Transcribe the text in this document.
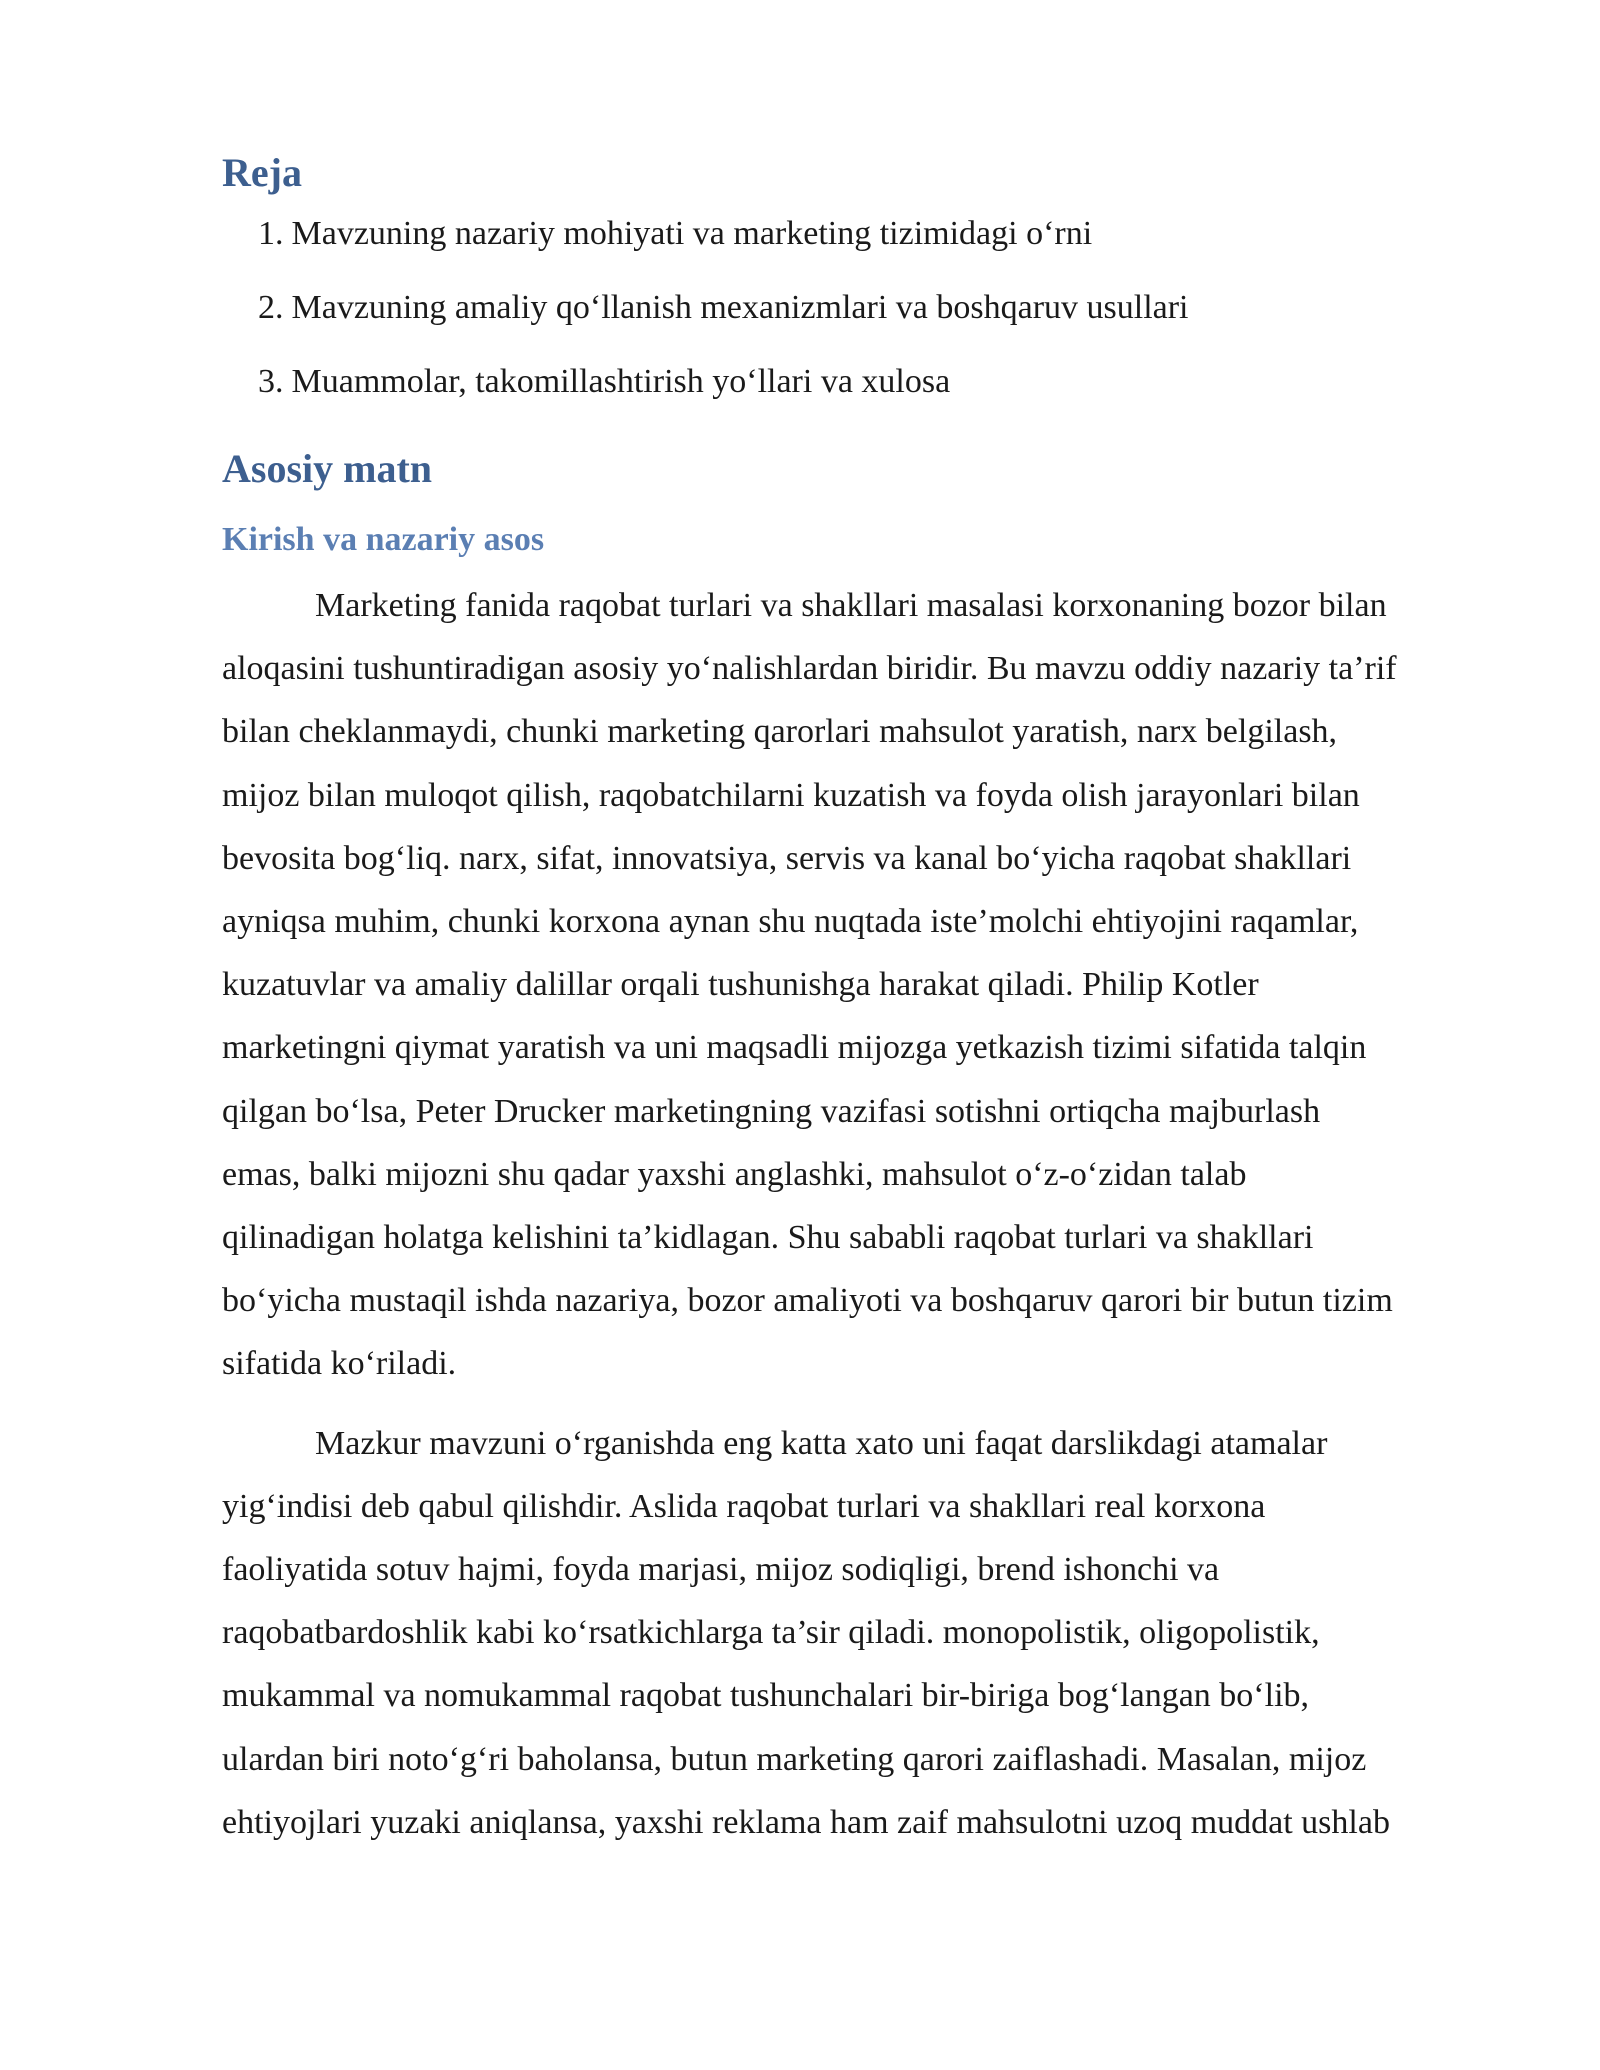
Reja
1. Mavzuning nazariy mohiyati va marketing tizimidagi o‘rni
2. Mavzuning amaliy qo‘llanish mexanizmlari va boshqaruv usullari
3. Muammolar, takomillashtirish yo‘llari va xulosa
Asosiy matn
Kirish va nazariy asos

Marketing fanida raqobat turlari va shakllari masalasi korxonaning bozor bilan
aloqasini tushuntiradigan asosiy yo‘nalishlardan biridir. Bu mavzu oddiy nazariy ta’rif
bilan cheklanmaydi, chunki marketing qarorlari mahsulot yaratish, narx belgilash,
mijoz bilan muloqot qilish, raqobatchilarni kuzatish va foyda olish jarayonlari bilan
bevosita bog‘liq. narx, sifat, innovatsiya, servis va kanal bo‘yicha raqobat shakllari
ayniqsa muhim, chunki korxona aynan shu nuqtada iste’molchi ehtiyojini raqamlar,
kuzatuvlar va amaliy dalillar orqali tushunishga harakat qiladi. Philip Kotler
marketingni qiymat yaratish va uni maqsadli mijozga yetkazish tizimi sifatida talqin
qilgan bo‘lsa, Peter Drucker marketingning vazifasi sotishni ortiqcha majburlash
emas, balki mijozni shu qadar yaxshi anglashki, mahsulot o‘z-o‘zidan talab
qilinadigan holatga kelishini ta’kidlagan. Shu sababli raqobat turlari va shakllari
bo‘yicha mustaqil ishda nazariya, bozor amaliyoti va boshqaruv qarori bir butun tizim
sifatida ko‘riladi.

Mazkur mavzuni o‘rganishda eng katta xato uni faqat darslikdagi atamalar
yig‘indisi deb qabul qilishdir. Aslida raqobat turlari va shakllari real korxona
faoliyatida sotuv hajmi, foyda marjasi, mijoz sodiqligi, brend ishonchi va
raqobatbardoshlik kabi ko‘rsatkichlarga ta’sir qiladi. monopolistik, oligopolistik,
mukammal va nomukammal raqobat tushunchalari bir-biriga bog‘langan bo‘lib,
ulardan biri noto‘g‘ri baholansa, butun marketing qarori zaiflashadi. Masalan, mijoz
ehtiyojlari yuzaki aniqlansa, yaxshi reklama ham zaif mahsulotni uzoq muddat ushlab
